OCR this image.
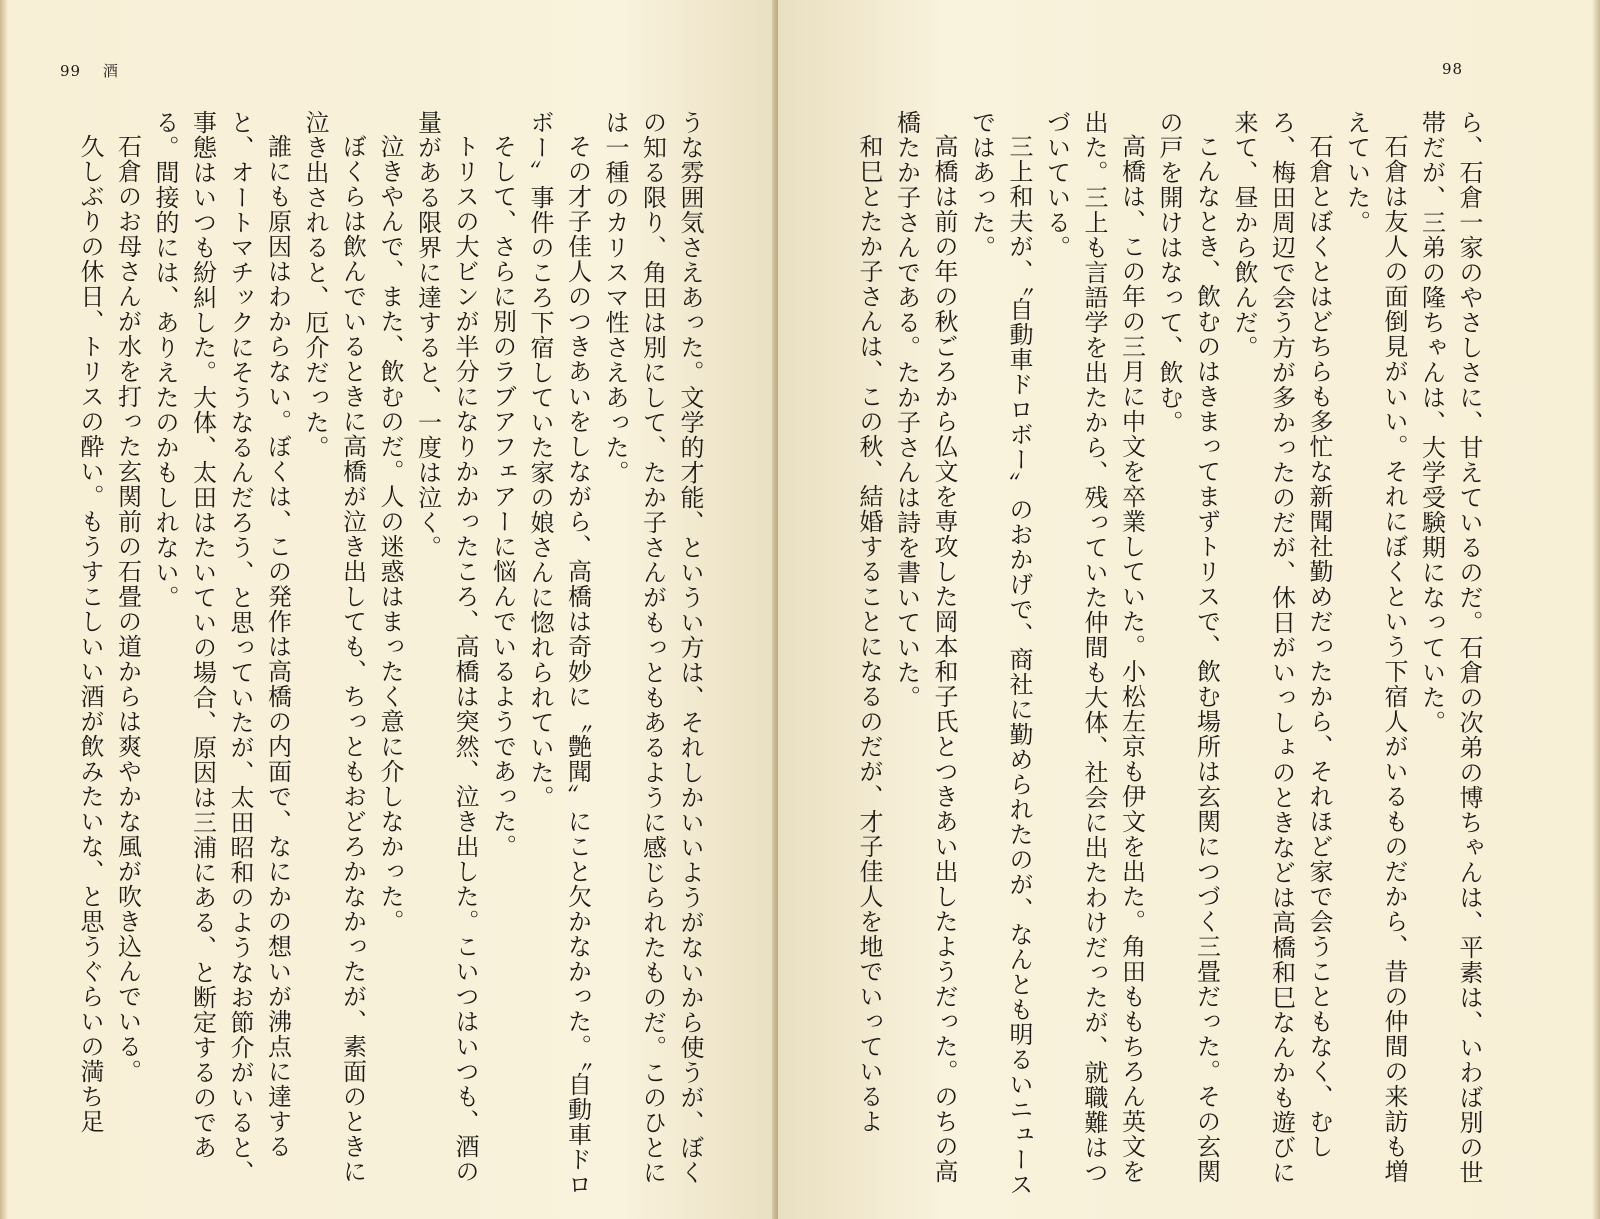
99 酒

うな雰囲気さえあった。文学的才能、というい方は、それしかいいようがないから使うが、ぼくの知る限り、角田は別にして、たか子さんがもっともあるように感じられたものだ。このひとには一種のカリスマ性さえあった。

その才子佳人のつきあいをしながら、高橋は奇妙に〝艶聞〟にこと欠かなかった。〝自動車ドロボー〟事件のころ下宿していた家の娘さんに惚れられていた。

そして、さらに別のラブアフェアーに悩んでいるようであった。

トリスの大ビンが半分になりかかったころ、高橋は突然、泣き出した。こいつはいつも、酒の量がある限界に達すると、一度は泣く。

泣きやんで、また、飲むのだ。人の迷惑はまったく意に介しなかった。

ぼくらは飲んでいるときに高橋が泣き出しても、ちっともおどろかなかったが、素面のときに泣き出されると、厄介だった。

誰にも原因はわからない。ぼくは、この発作は高橋の内面で、なにかの想いが沸点に達すると、オートマチックにそうなるんだろう、と思っていたが、太田昭和のようなお節介がいると、事態はいつも紛糾した。大体、太田はたいていの場合、原因は三浦にある、と断定するのである。間接的には、ありえたのかもしれない。

石倉のお母さんが水を打った玄関前の石畳の道からは爽やかな風が吹き込んでいる。

久しぶりの休日、トリスの酔い。もうすこしいい酒が飲みたいな、と思うぐらいの満ち足

98

ら、石倉一家のやさしさに、甘えているのだ。石倉の次弟の博ちゃんは、平素は、いわば別の世帯だが、三弟の隆ちゃんは、大学受験期になっていた。

石倉は友人の面倒見がいい。それにぼくという下宿人がいるものだから、昔の仲間の来訪も増えていた。

石倉とぼくとはどちらも多忙な新聞社勤めだったから、それほど家で会うこともなく、むしろ、梅田周辺で会う方が多かったのだが、休日がいっしょのときなどは高橋和巳なんかも遊びに来て、昼から飲んだ。

こんなとき、飲むのはきまってまずトリスで、飲む場所は玄関につづく三畳だった。その玄関の戸を開けはなって、飲む。

高橋は、この年の三月に中文を卒業していた。小松左京も伊文を出た。角田ももちろん英文を出た。三上も言語学を出たから、残っていた仲間も大体、社会に出たわけだったが、就職難はつづいている。

三上和夫が、〝自動車ドロボー〟のおかげで、商社に勤められたのが、なんとも明るいニュースではあった。

高橋は前の年の秋ごろから仏文を専攻した岡本和子氏とつきあい出したようだった。のちの高橋たか子さんである。たか子さんは詩を書いていた。

和巳とたか子さんは、この秋、結婚することになるのだが、才子佳人を地でいっているよ
